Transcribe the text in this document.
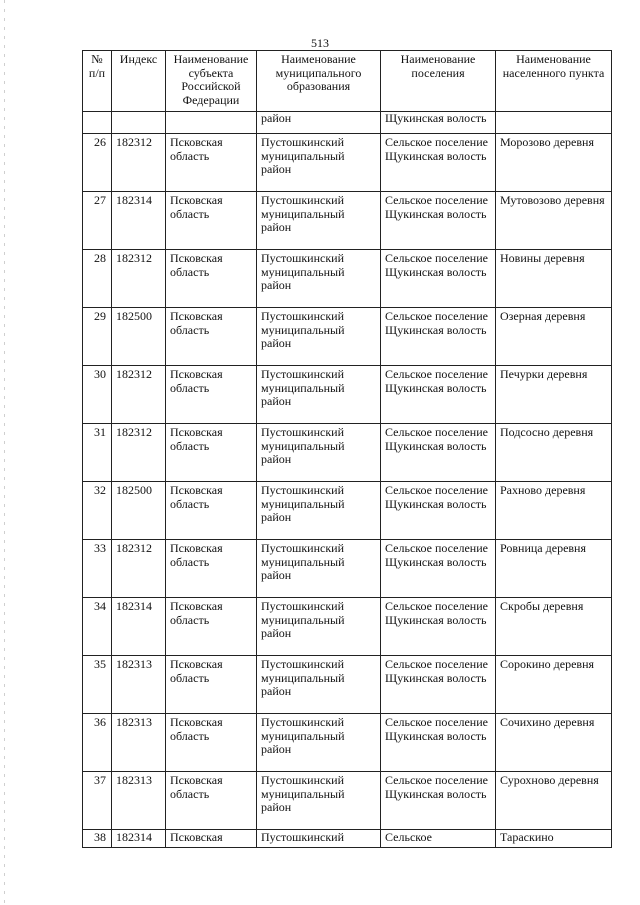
513
№ п/п	Индекс	Наименование субъекта Российской Федерации	Наименование муниципального образования	Наименование поселения	Наименование населенного пункта
			район	Щукинская волость	
26	182312	Псковская область	Пустошкинский муниципальный район	Сельское поселение Щукинская волость	Морозово деревня
27	182314	Псковская область	Пустошкинский муниципальный район	Сельское поселение Щукинская волость	Мутовозово деревня
28	182312	Псковская область	Пустошкинский муниципальный район	Сельское поселение Щукинская волость	Новины деревня
29	182500	Псковская область	Пустошкинский муниципальный район	Сельское поселение Щукинская волость	Озерная деревня
30	182312	Псковская область	Пустошкинский муниципальный район	Сельское поселение Щукинская волость	Печурки деревня
31	182312	Псковская область	Пустошкинский муниципальный район	Сельское поселение Щукинская волость	Подсосно деревня
32	182500	Псковская область	Пустошкинский муниципальный район	Сельское поселение Щукинская волость	Рахново деревня
33	182312	Псковская область	Пустошкинский муниципальный район	Сельское поселение Щукинская волость	Ровница деревня
34	182314	Псковская область	Пустошкинский муниципальный район	Сельское поселение Щукинская волость	Скробы деревня
35	182313	Псковская область	Пустошкинский муниципальный район	Сельское поселение Щукинская волость	Сорокино деревня
36	182313	Псковская область	Пустошкинский муниципальный район	Сельское поселение Щукинская волость	Сочихино деревня
37	182313	Псковская область	Пустошкинский муниципальный район	Сельское поселение Щукинская волость	Сурохново деревня
38	182314	Псковская	Пустошкинский	Сельское	Тараскино
